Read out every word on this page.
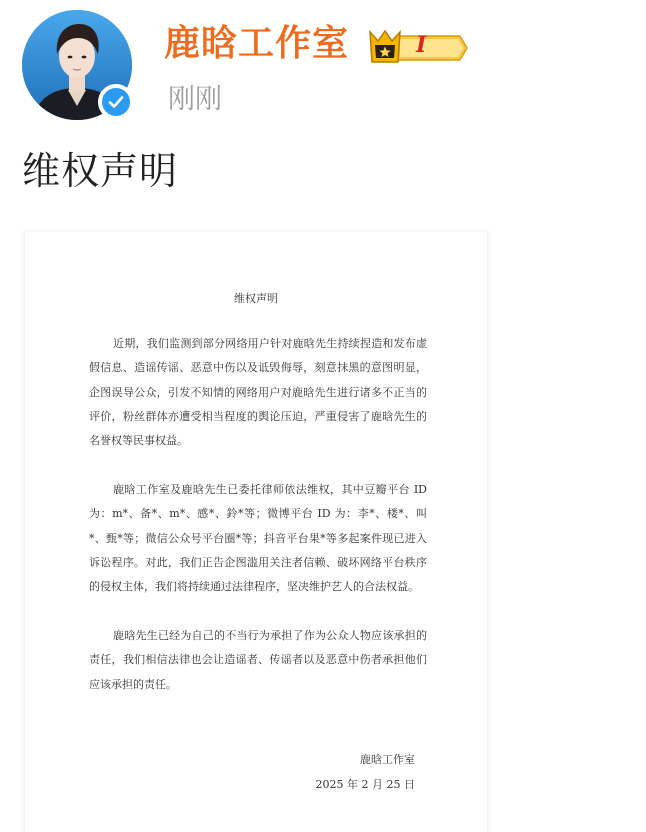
鹿晗工作室	I
刚刚
维权声明
维权声明

近期，我们监测到部分网络用户针对鹿晗先生持续捏造和发布虚假信息、造谣传谣、恶意中伤以及诋毁侮辱，刻意抹黑的意图明显，企图误导公众，引发不知情的网络用户对鹿晗先生进行诸多不正当的评价，粉丝群体亦遭受相当程度的舆论压迫，严重侵害了鹿晗先生的名誉权等民事权益。

鹿晗工作室及鹿晗先生已委托律师依法维权，其中豆瓣平台 ID 为：m*、备*、m*、感*、鈴*等；微博平台 ID 为：李*、楼*、叫*、甄*等；微信公众号平台圈*等；抖音平台果*等多起案件现已进入诉讼程序。对此，我们正告企图滥用关注者信赖、破坏网络平台秩序的侵权主体，我们将持续通过法律程序，坚决维护艺人的合法权益。

鹿晗先生已经为自己的不当行为承担了作为公众人物应该承担的责任，我们相信法律也会让造谣者、传谣者以及恶意中伤者承担他们应该承担的责任。

鹿晗工作室
2025 年 2 月 25 日
